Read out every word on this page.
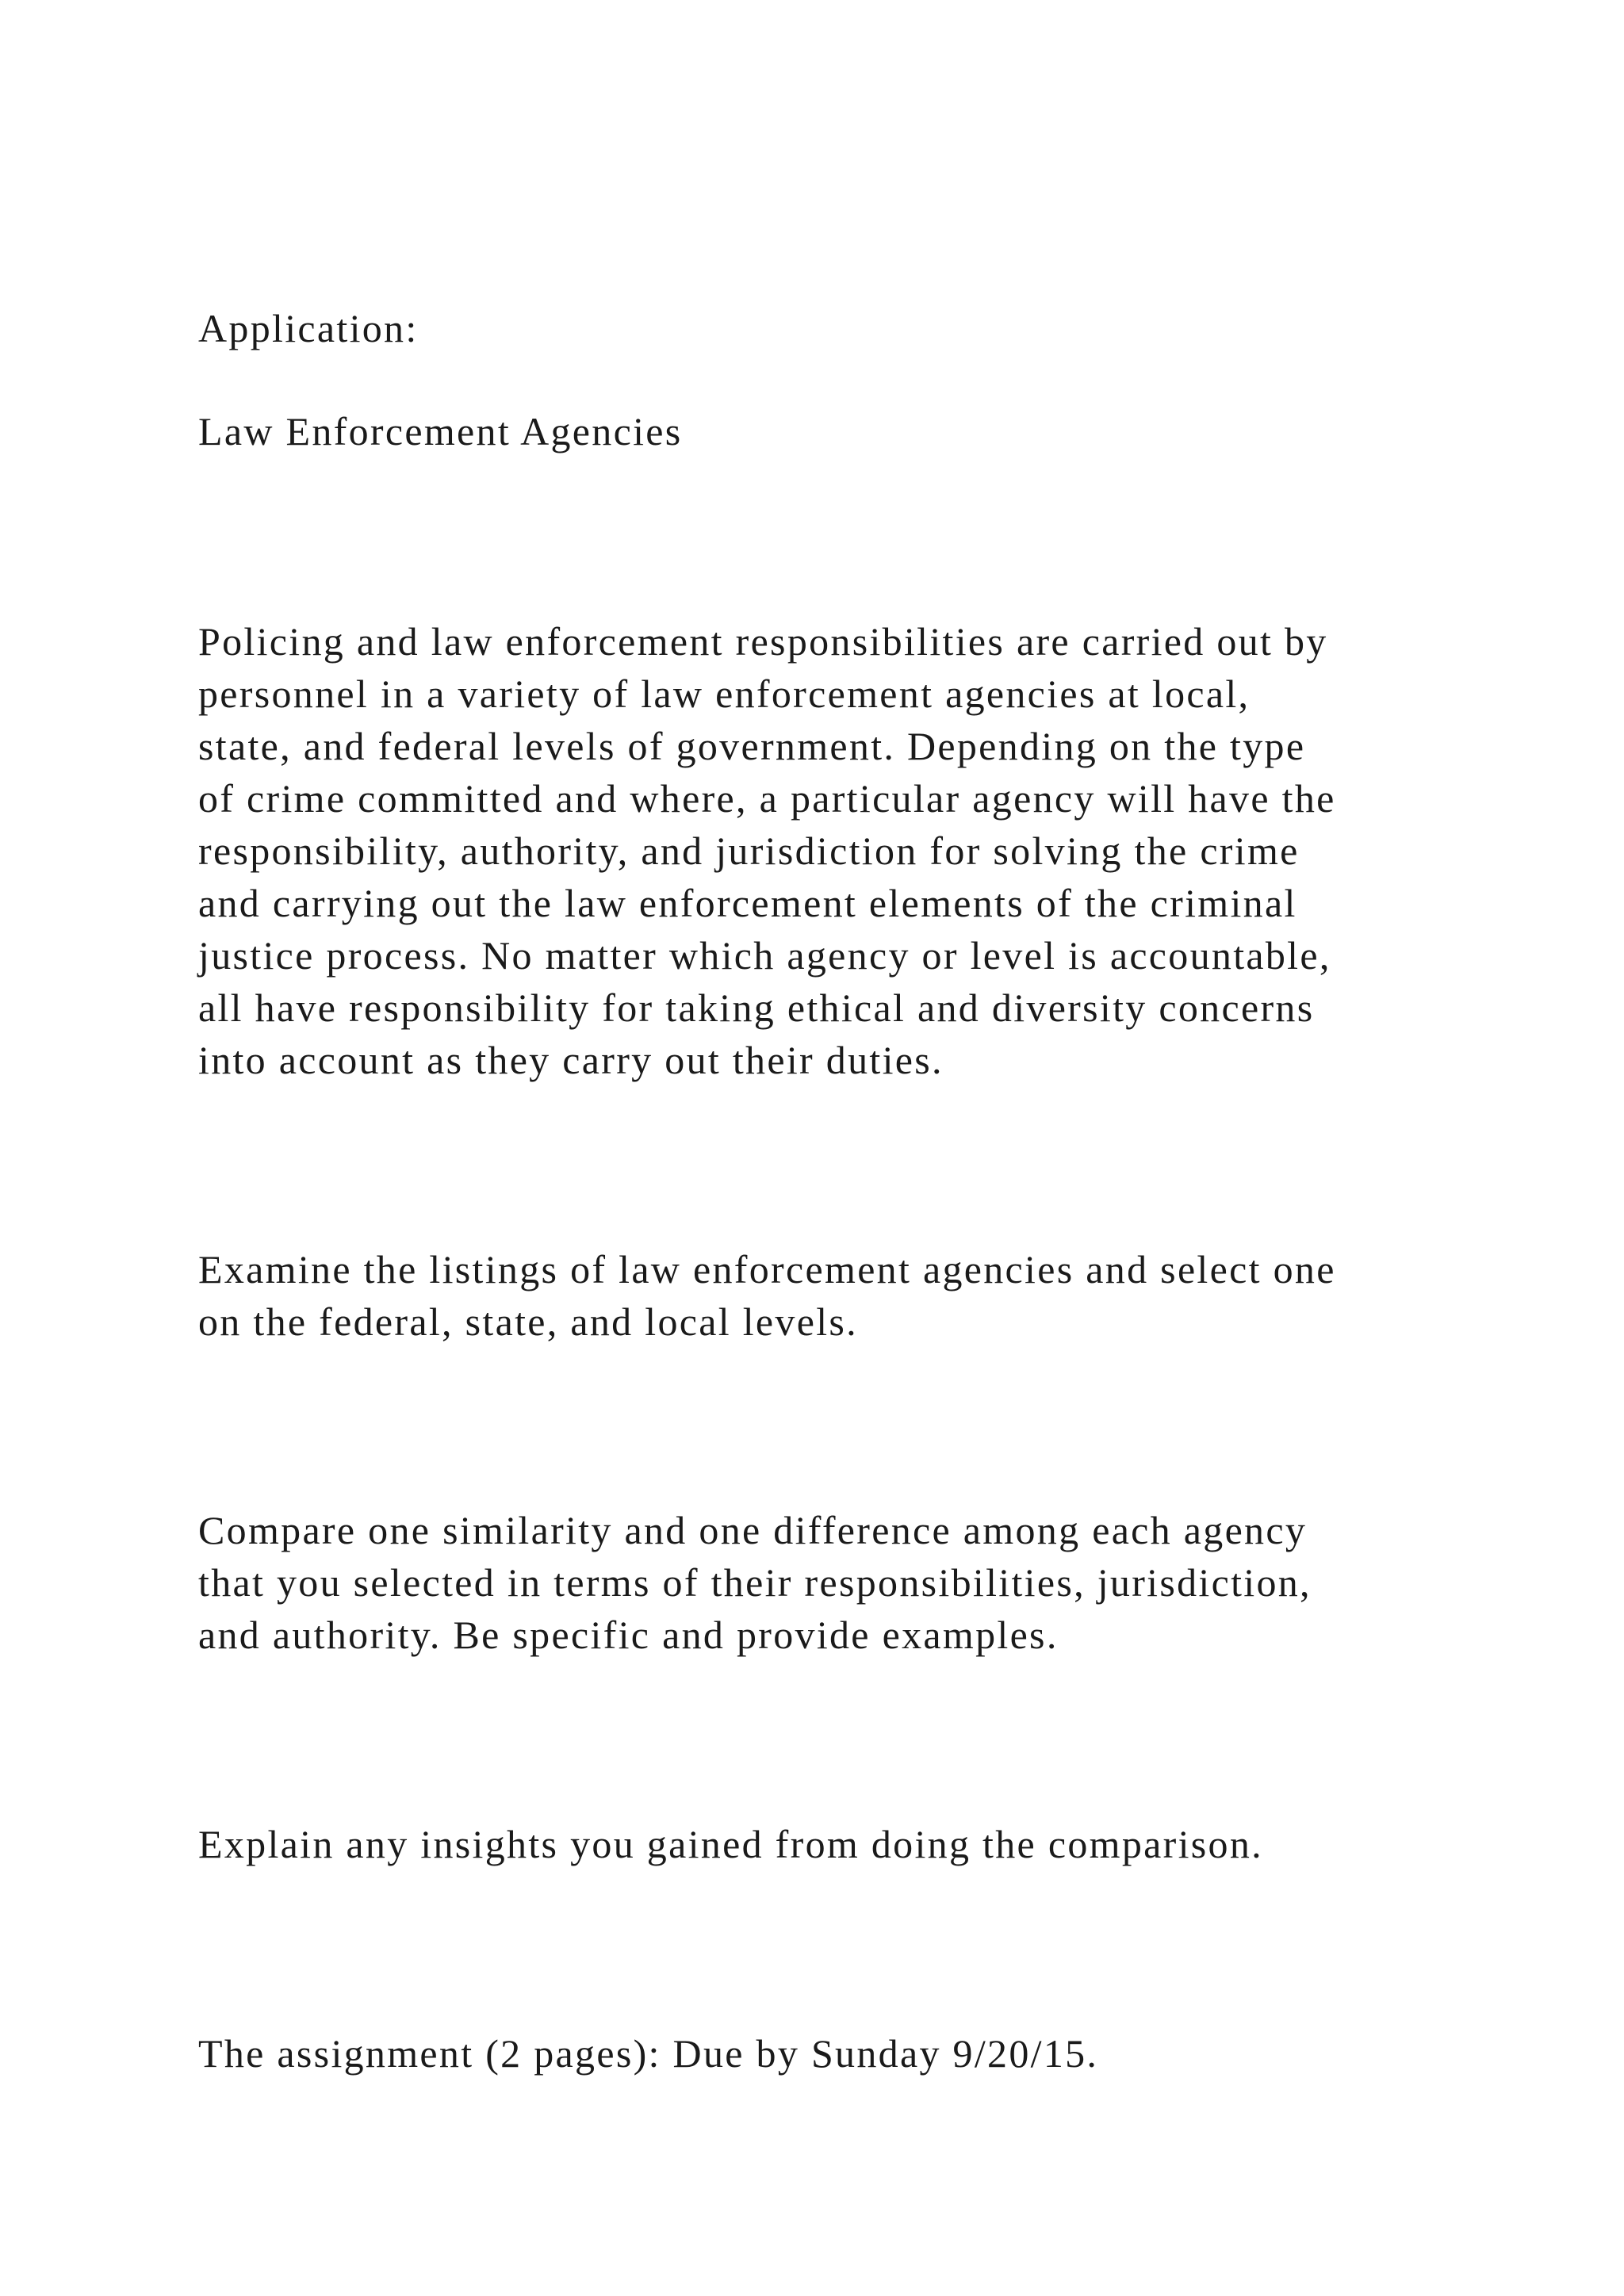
Application:

Law Enforcement Agencies

Policing and law enforcement responsibilities are carried out by

personnel in a variety of law enforcement agencies at local,

state, and federal levels of government. Depending on the type

of crime committed and where, a particular agency will have the

responsibility, authority, and jurisdiction for solving the crime

and carrying out the law enforcement elements of the criminal

justice process. No matter which agency or level is accountable,

all have responsibility for taking ethical and diversity concerns

into account as they carry out their duties.

Examine the listings of law enforcement agencies and select one

on the federal, state, and local levels.

Compare one similarity and one difference among each agency

that you selected in terms of their responsibilities, jurisdiction,

and authority. Be specific and provide examples.

Explain any insights you gained from doing the comparison.

The assignment (2 pages): Due by Sunday 9/20/15.
